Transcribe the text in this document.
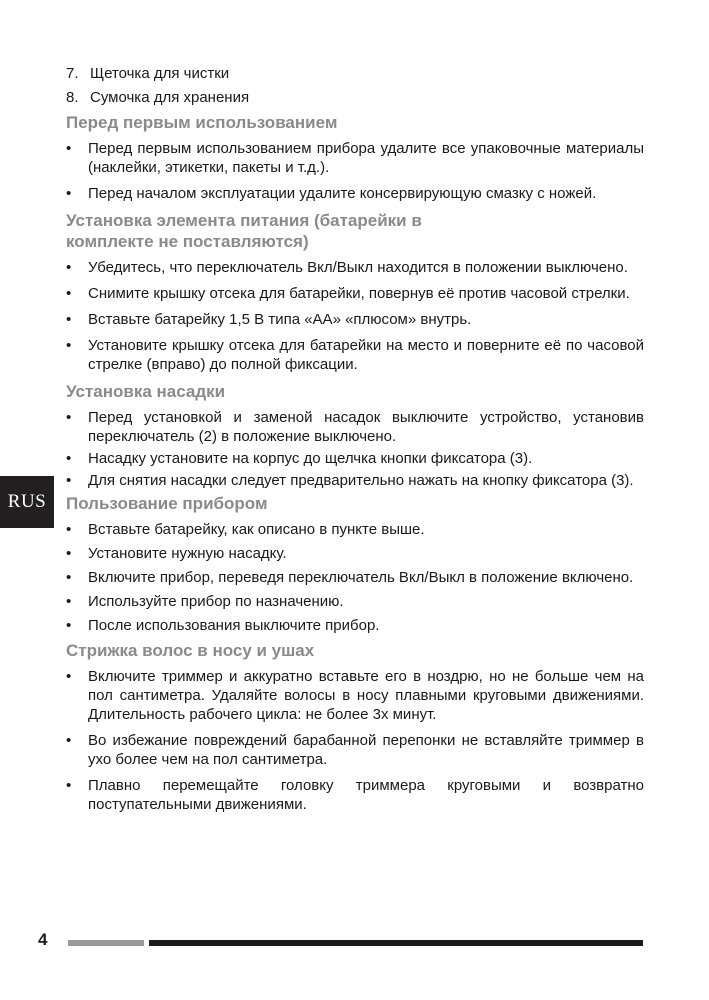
7. Щеточка для чистки
8. Сумочка для хранения
Перед первым использованием
•	Перед первым использованием прибора удалите все упаковочные материалы (наклейки, этикетки, пакеты и т.д.).
•	Перед началом эксплуатации удалите консервирующую смазку с ножей.
Установка элемента питания (батарейки в комплекте не поставляются)
•	Убедитесь, что переключатель Вкл/Выкл находится в положении выключено.
•	Снимите крышку отсека для батарейки, повернув её против часовой стрелки.
•	Вставьте батарейку 1,5 В типа «АА» «плюсом» внутрь.
•	Установите крышку отсека для батарейки на место и поверните её по часовой стрелке (вправо) до полной фиксации.
Установка насадки
•	Перед установкой и заменой насадок выключите устройство, установив переключатель (2) в положение выключено.
•	Насадку установите на корпус до щелчка кнопки фиксатора (3).
•	Для снятия насадки следует предварительно нажать на кнопку фиксатора (3).
Пользование прибором
•	Вставьте батарейку, как описано в пункте выше.
•	Установите нужную насадку.
•	Включите прибор, переведя переключатель Вкл/Выкл в положение включено.
•	Используйте прибор по назначению.
•	После использования выключите прибор.
Стрижка волос в носу и ушах
•	Включите триммер и аккуратно вставьте его в ноздрю, но не больше чем на пол сантиметра. Удаляйте волосы в носу плавными круговыми движениями. Длительность рабочего цикла: не более 3х минут.
•	Во избежание повреждений барабанной перепонки не вставляйте триммер в ухо более чем на пол сантиметра.
•	Плавно перемещайте головку триммера круговыми и возвратно поступательными движениями.
RUS
4
